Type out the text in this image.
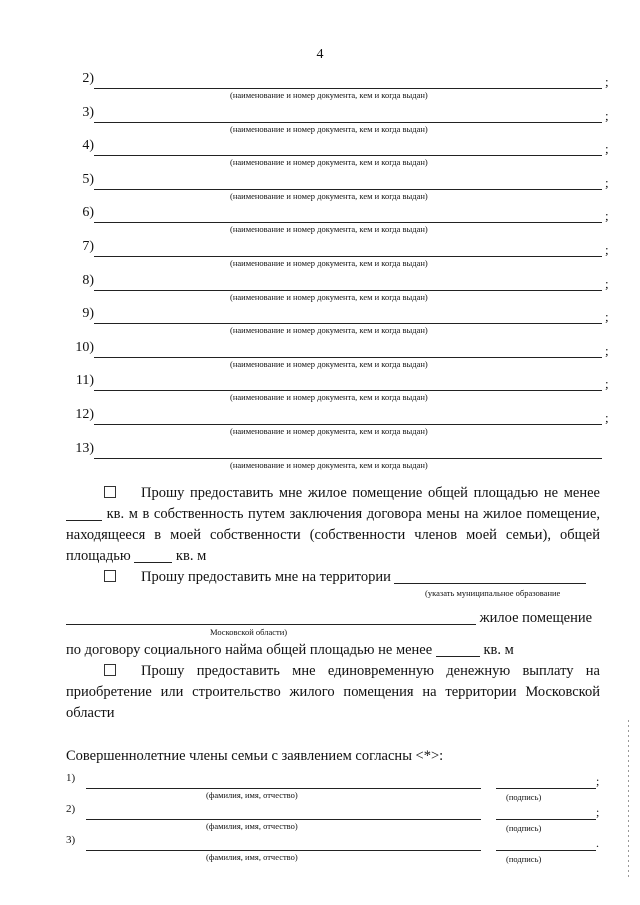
4
2)	;
(наименование и номер документа, кем и когда выдан)
3)	;
(наименование и номер документа, кем и когда выдан)
4)	;
(наименование и номер документа, кем и когда выдан)
5)	;
(наименование и номер документа, кем и когда выдан)
6)	;
(наименование и номер документа, кем и когда выдан)
7)	;
(наименование и номер документа, кем и когда выдан)
8)	;
(наименование и номер документа, кем и когда выдан)
9)	;
(наименование и номер документа, кем и когда выдан)
10)	;
(наименование и номер документа, кем и когда выдан)
11)	;
(наименование и номер документа, кем и когда выдан)
12)	;
(наименование и номер документа, кем и когда выдан)
13)
(наименование и номер документа, кем и когда выдан)

Прошу предоставить мне жилое помещение общей площадью не менее  кв. м в собственность путем заключения договора мены на жилое помещение, находящееся в моей собственности (собственности членов моей семьи), общей площадью	кв. м

Прошу предоставить мне на территории

(указать муниципальное образование
жилое помещение
Московской области)
по договору социального найма общей площадью не менее	кв. м

Прошу предоставить мне единовременную денежную выплату на приобретение или строительство жилого помещения на территории Московской области

Совершеннолетние члены семьи с заявлением согласны <*>:
1)	;
(фамилия, имя, отчество)	(подпись)
2)	;
(фамилия, имя, отчество)	(подпись)
3)	.
(фамилия, имя, отчество)	(подпись)
